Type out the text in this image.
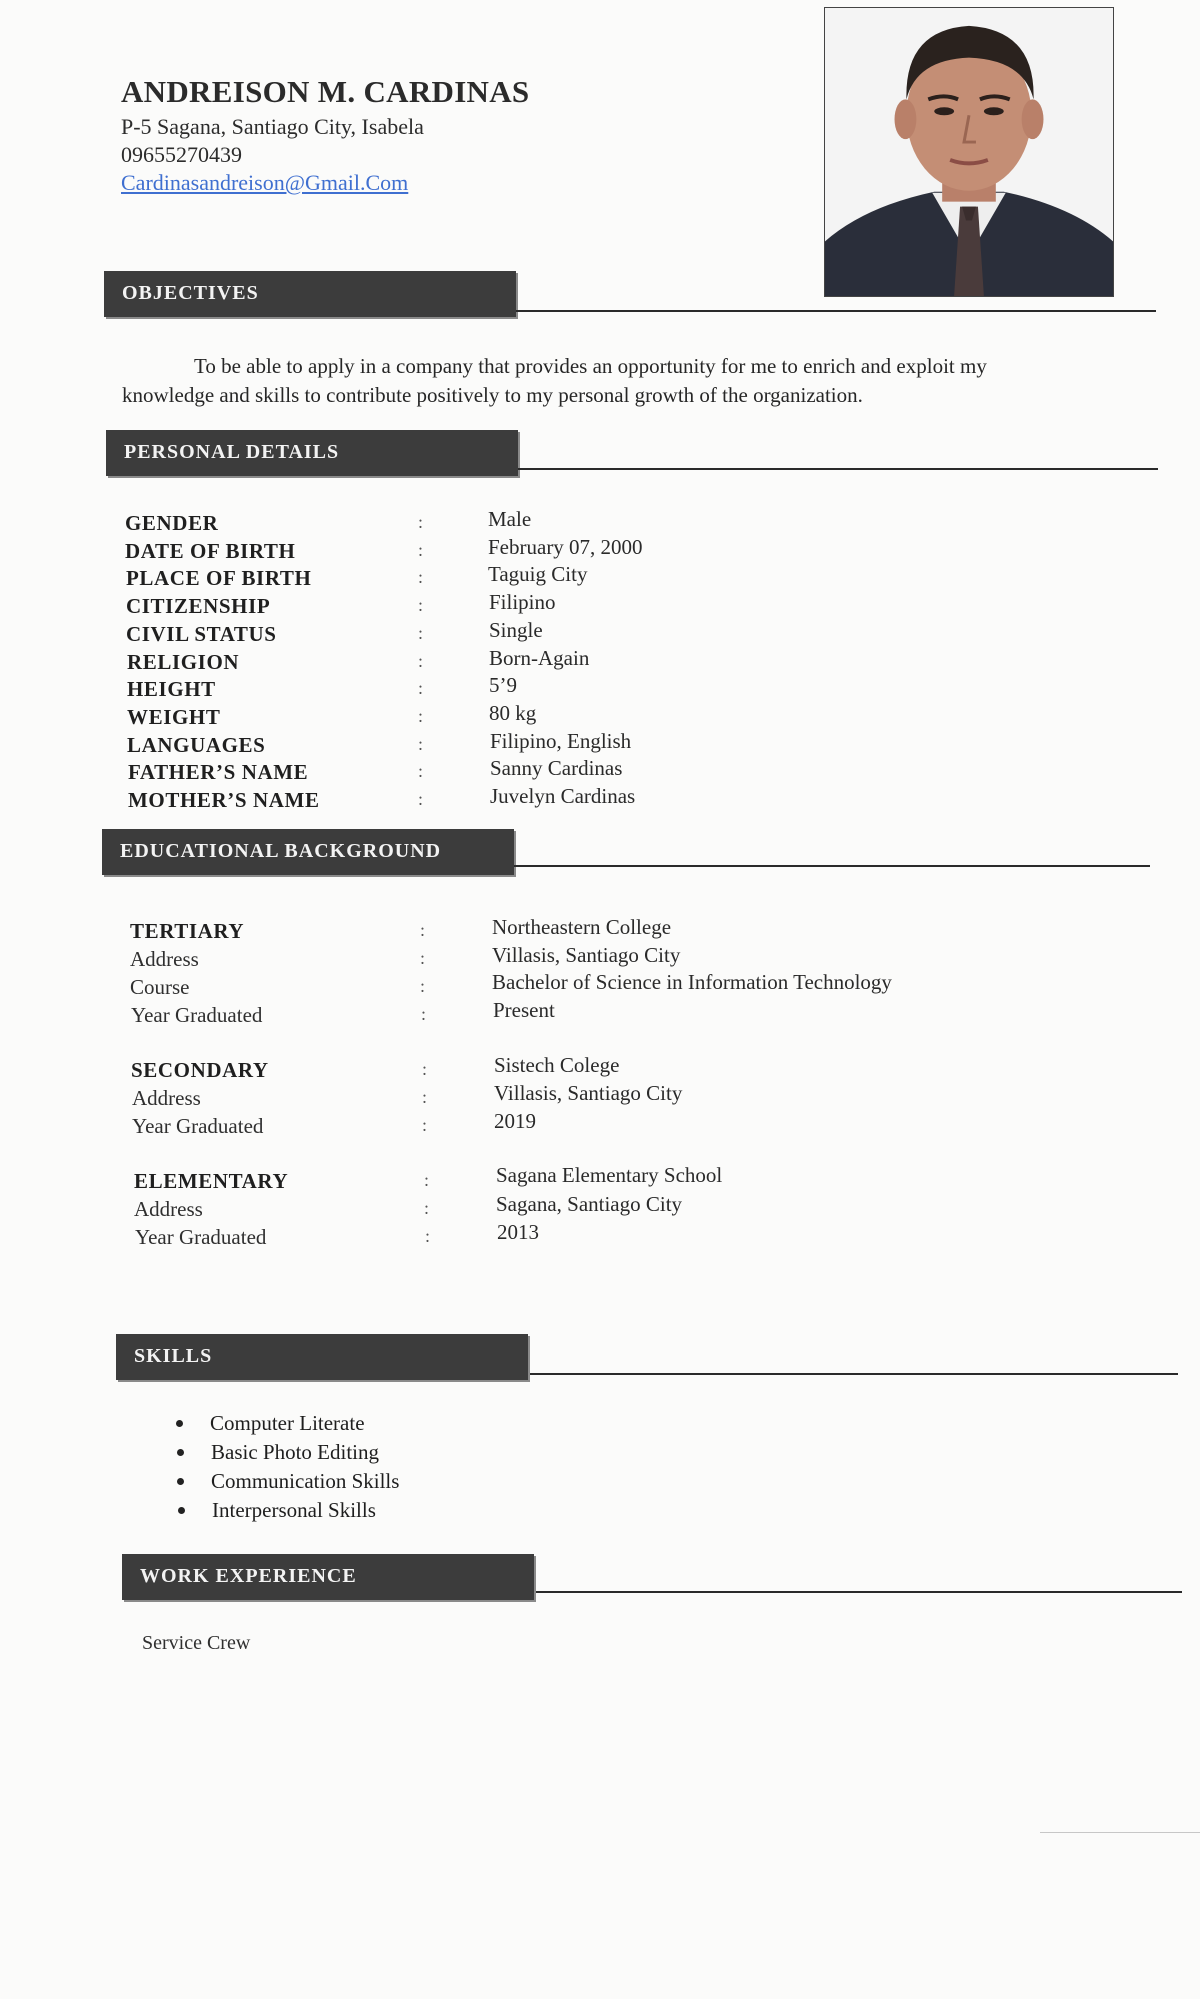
ANDREISON M. CARDINAS
P-5 Sagana, Santiago City, Isabela
09655270439
Cardinasandreison@Gmail.Com
OBJECTIVES
To be able to apply in a company that provides an opportunity for me to enrich and exploit my knowledge and skills to contribute positively to my personal growth of the organization.
PERSONAL DETAILS
GENDER	:	Male
DATE OF BIRTH	:	February 07, 2000
PLACE OF BIRTH	:	Taguig City
CITIZENSHIP	:	Filipino
CIVIL STATUS	:	Single
RELIGION	:	Born-Again
HEIGHT	:	5’9
WEIGHT	:	80 kg
LANGUAGES	:	Filipino, English
FATHER’S NAME	:	Sanny Cardinas
MOTHER’S NAME	:	Juvelyn Cardinas
EDUCATIONAL BACKGROUND
TERTIARY	:	Northeastern College
Address	:	Villasis, Santiago City
Course	:	Bachelor of Science in Information Technology
Year Graduated	:	Present
SECONDARY	:	Sistech Colege
Address	:	Villasis, Santiago City
Year Graduated	:	2019
ELEMENTARY	:	Sagana Elementary School
Address	:	Sagana, Santiago City
Year Graduated	:	2013
SKILLS
Computer Literate
Basic Photo Editing
Communication Skills
Interpersonal Skills
WORK EXPERIENCE
Service Crew
